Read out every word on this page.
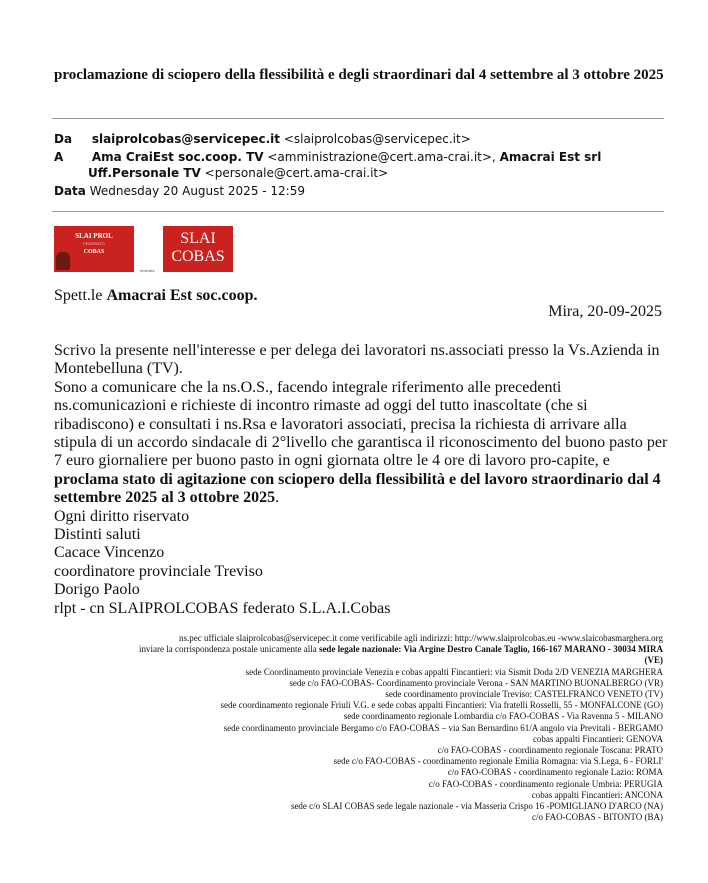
proclamazione di sciopero della flessibilità e degli straordinari dal 4 settembre al 3 ottobre 2025
Da slaiprolcobas@servicepec.it <slaiprolcobas@servicepec.it>
A Ama CraiEst soc.coop. TV <amministrazione@cert.ama-crai.it>, Amacrai Est srl
Uff.Personale TV <personale@cert.ama-crai.it>
Data Wednesday 20 August 2025 - 12:59
SLAI PROL
FEDERATO
COBAS
federato
SLAI
COBAS
Spett.le Amacrai Est soc.coop.
Mira, 20-09-2025

Scrivo la presente nell'interesse e per delega dei lavoratori ns.associati presso la Vs.Azienda in Montebelluna (TV).

Sono a comunicare che la ns.O.S., facendo integrale riferimento alle precedenti ns.comunicazioni e richieste di incontro rimaste ad oggi del tutto inascoltate (che si ribadiscono) e consultati i ns.Rsa e lavoratori associati, precisa la richiesta di arrivare alla stipula di un accordo sindacale di 2°livello che garantisca il riconoscimento del buono pasto per 7 euro giornaliere per buono pasto in ogni giornata oltre le 4 ore di lavoro pro-capite, e proclama stato di agitazione con sciopero della flessibilità e del lavoro straordinario dal 4 settembre 2025 al 3 ottobre 2025.

Ogni diritto riservato

Distinti saluti

Cacace Vincenzo

coordinatore provinciale Treviso

Dorigo Paolo

rlpt - cn SLAIPROLCOBAS federato S.L.A.I.Cobas

ns.pec ufficiale slaiprolcobas@servicepec.it come verificabile agli indirizzi: http://www.slaiprolcobas.eu -www.slaicobasmarghera.org
inviare la corrispondenza postale unicamente alla sede legale nazionale: Via Argine Destro Canale Taglio, 166-167 MARANO - 30034 MIRA
(VE)
sede Coordinamento provinciale Venezia e cobas appalti Fincantieri: via Sismit Doda 2/D VENEZIA MARGHERA
sede c/o FAO-COBAS- Coordinamento provinciale Verona - SAN MARTINO BUONALBERGO (VR)
sede coordinamento provinciale Treviso: CASTELFRANCO VENETO (TV)
sede coordinamento regionale Friuli V.G. e sede cobas appalti Fincantieri: Via fratelli Rosselli, 55 - MONFALCONE (GO)
sede coordinamento regionale Lombardia c/o FAO-COBAS - Via Ravenna 5 - MILANO
sede coordinamento provinciale Bergamo c/o FAO-COBAS – via San Bernardino 61/A angolo via Previtali - BERGAMO
cobas appalti Fincantieri: GENOVA
c/o FAO-COBAS - coordinamento regionale Toscana: PRATO
sede c/o FAO-COBAS - coordinamento regionale Emilia Romagna: via S.Lega, 6 - FORLI'
c/o FAO-COBAS - coordinamento regionale Lazio: ROMA
c/o FAO-COBAS - coordinamento regionale Umbria: PERUGIA
cobas appalti Fincantieri: ANCONA
sede c/o SLAI COBAS sede legale nazionale - via Masseria Crispo 16 -POMIGLIANO D'ARCO (NA)
c/o FAO-COBAS - BITONTO (BA)
